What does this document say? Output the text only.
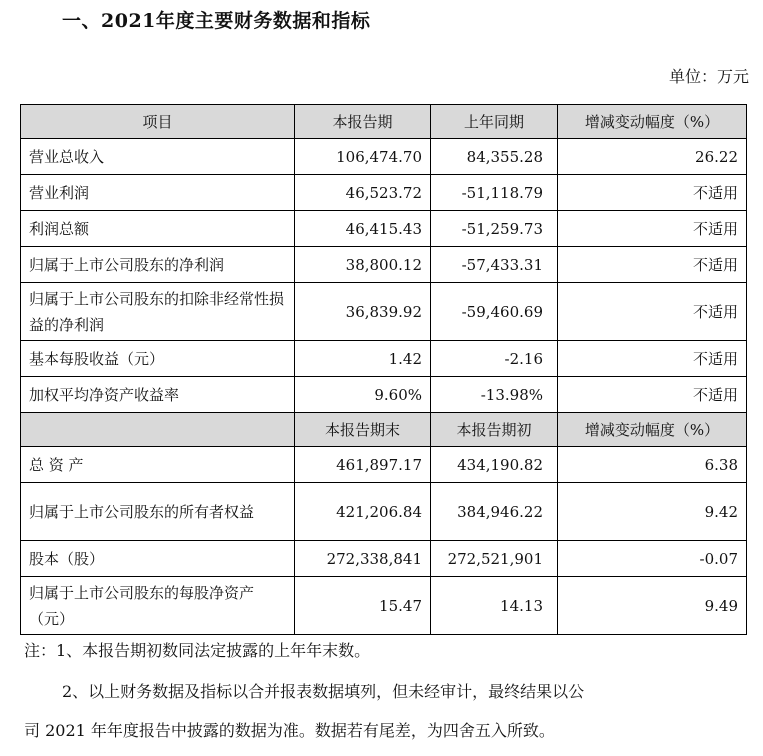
一、2021年度主要财务数据和指标
单位：万元
项目	本报告期	上年同期	增减变动幅度（%）
营业总收入	106,474.70	84,355.28	26.22
营业利润	46,523.72	-51,118.79	不适用
利润总额	46,415.43	-51,259.73	不适用
归属于上市公司股东的净利润	38,800.12	-57,433.31	不适用
归属于上市公司股东的扣除非经常性损益的净利润	36,839.92	-59,460.69	不适用
基本每股收益（元）	1.42	-2.16	不适用
加权平均净资产收益率	9.60%	-13.98%	不适用
	本报告期末	本报告期初	增减变动幅度（%）
总 资 产	461,897.17	434,190.82	6.38
归属于上市公司股东的所有者权益	421,206.84	384,946.22	9.42
股本（股）	272,338,841	272,521,901	-0.07
归属于上市公司股东的每股净资产（元）	15.47	14.13	9.49
注：1、本报告期初数同法定披露的上年年末数。
2、以上财务数据及指标以合并报表数据填列，但未经审计，最终结果以公
司 2021 年年度报告中披露的数据为准。数据若有尾差，为四舍五入所致。
